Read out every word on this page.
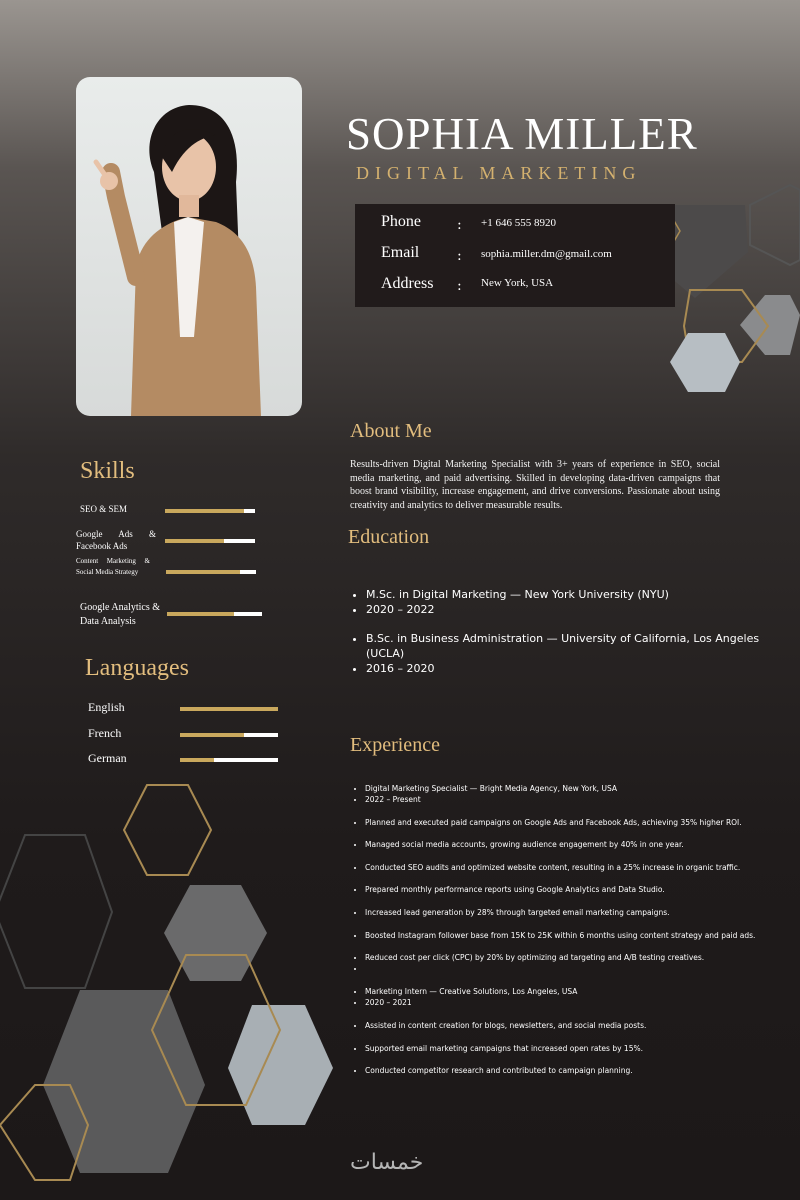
SOPHIA MILLER
DIGITAL MARKETING
Phone	: +1 646 555 8920
Email	: sophia.miller.dm@gmail.com
Address : New York, USA
About Me
Results-driven Digital Marketing Specialist with 3+ years of experience in SEO, social media marketing, and paid advertising. Skilled in developing data-driven campaigns that boost brand visibility, increase engagement, and drive conversions. Passionate about using creativity and analytics to deliver measurable results.
Skills
SEO & SEM
Google Ads & Facebook Ads
Content Marketing & Social Media Strategy
Google Analytics & Data Analysis
Languages
English
French
German
Education
• M.Sc. in Digital Marketing — New York University (NYU)
• 2020 – 2022
• B.Sc. in Business Administration — University of California, Los Angeles (UCLA)
• 2016 – 2020
Experience
• Digital Marketing Specialist — Bright Media Agency, New York, USA
• 2022 – Present
• Planned and executed paid campaigns on Google Ads and Facebook Ads, achieving 35% higher ROI.
• Managed social media accounts, growing audience engagement by 40% in one year.
• Conducted SEO audits and optimized website content, resulting in a 25% increase in organic traffic.
• Prepared monthly performance reports using Google Analytics and Data Studio.
• Increased lead generation by 28% through targeted email marketing campaigns.
• Boosted Instagram follower base from 15K to 25K within 6 months using content strategy and paid ads.
• Reduced cost per click (CPC) by 20% by optimizing ad targeting and A/B testing creatives.
•
• Marketing Intern — Creative Solutions, Los Angeles, USA
• 2020 – 2021
• Assisted in content creation for blogs, newsletters, and social media posts.
• Supported email marketing campaigns that increased open rates by 15%.
• Conducted competitor research and contributed to campaign planning.
خمسات
